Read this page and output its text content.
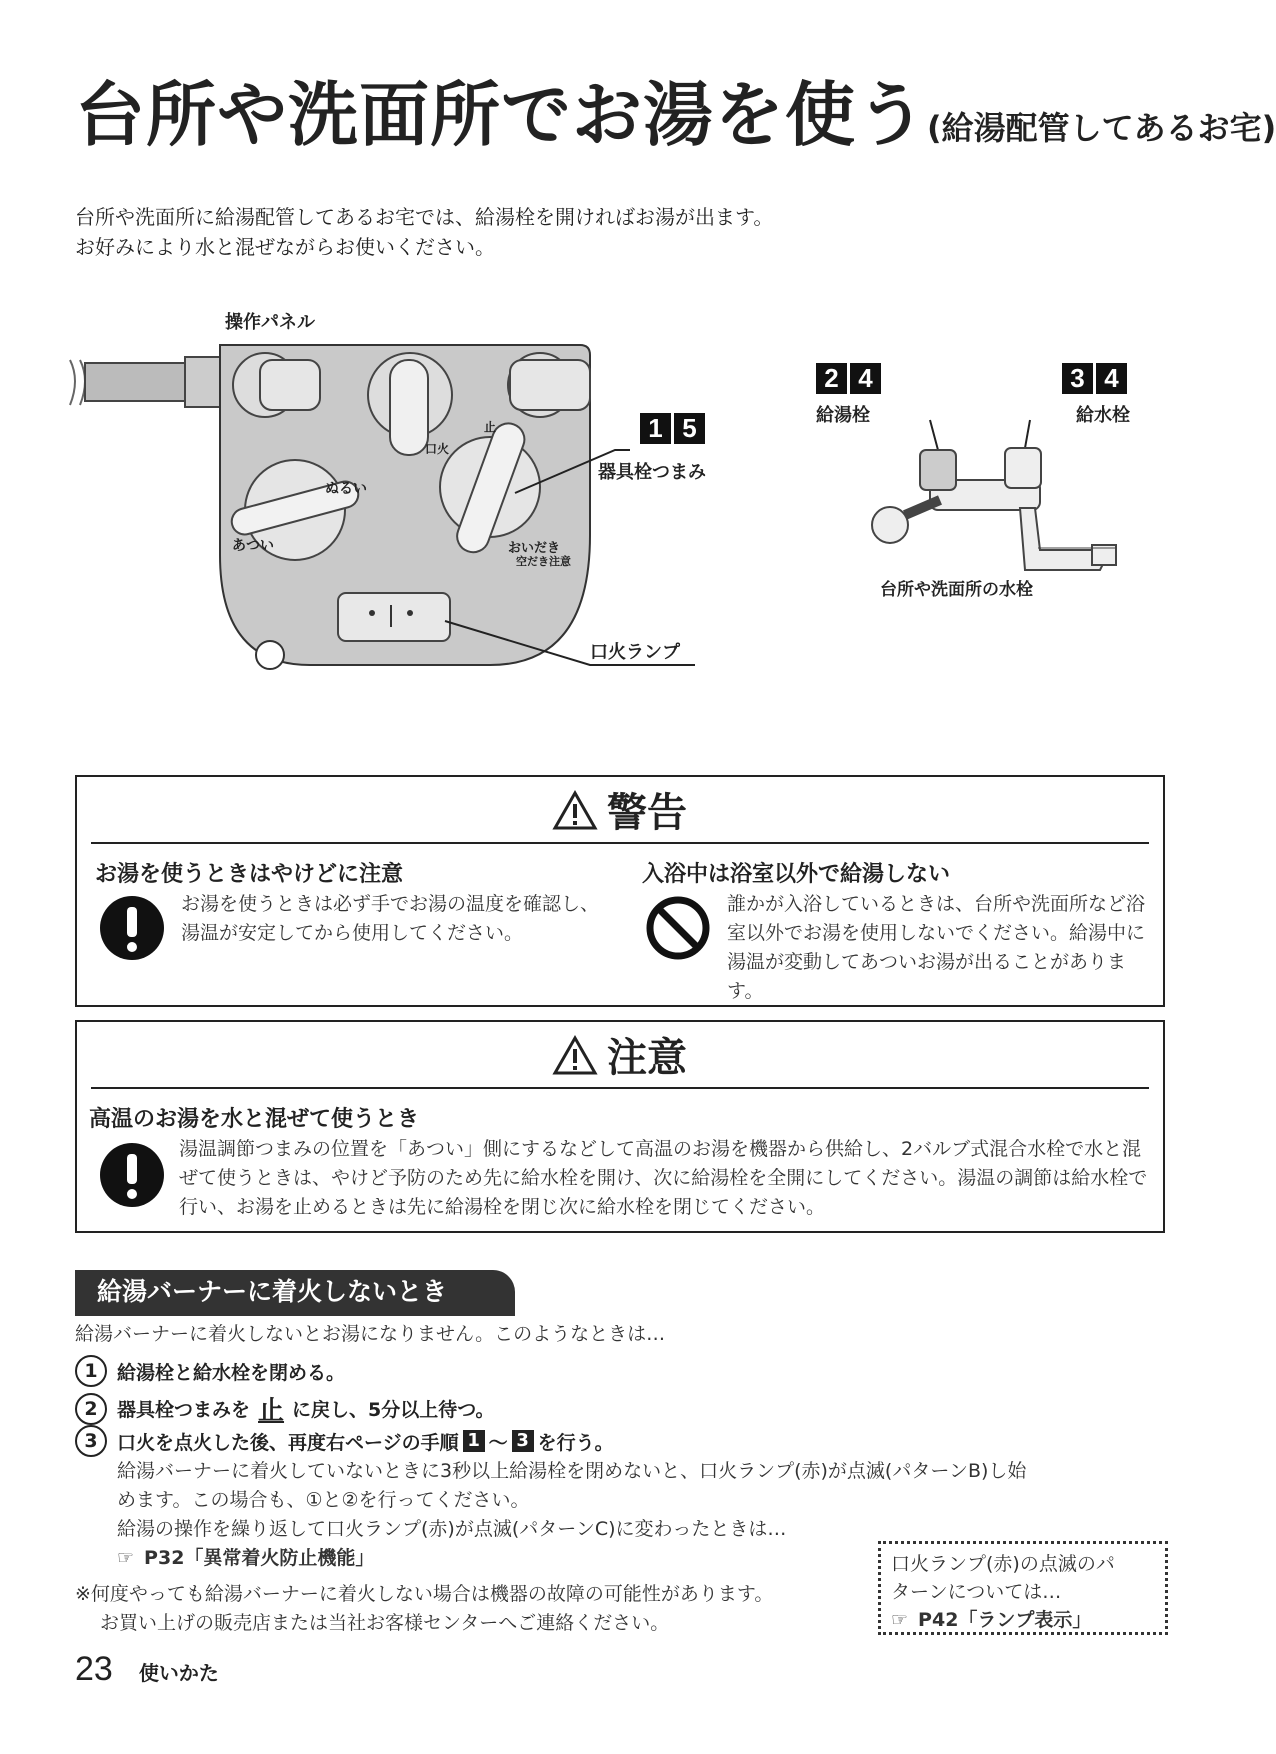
台所や洗面所でお湯を使う(給湯配管してあるお宅)
台所や洗面所に給湯配管してあるお宅では、給湯栓を開ければお湯が出ます。
お好みにより水と混ぜながらお使いください。
操作パネル
ぬるい
あつい
口火
止
おいだき
空だき注意
1 5
器具栓つまみ
口火ランプ
2 4
給湯栓
3 4
給水栓
台所や洗面所の水栓
警告
お湯を使うときはやけどに注意
お湯を使うときは必ず手でお湯の温度を確認し、湯温が安定してから使用してください。
入浴中は浴室以外で給湯しない
誰かが入浴しているときは、台所や洗面所など浴室以外でお湯を使用しないでください。給湯中に湯温が変動してあついお湯が出ることがあります。
注意
高温のお湯を水と混ぜて使うとき
湯温調節つまみの位置を「あつい」側にするなどして高温のお湯を機器から供給し、2バルブ式混合水栓で水と混ぜて使うときは、やけど予防のため先に給水栓を開け、次に給湯栓を全開にしてください。湯温の調節は給水栓で行い、お湯を止めるときは先に給湯栓を閉じ次に給水栓を閉じてください。
給湯バーナーに着火しないとき
給湯バーナーに着火しないとお湯になりません。このようなときは…
1	給湯栓と給水栓を閉める。
2	器具栓つまみを 止 に戻し、5分以上待つ。
3	口火を点火した後、再度右ページの手順 1 ～ 3 を行う。
給湯バーナーに着火していないときに3秒以上給湯栓を閉めないと、口火ランプ(赤)が点滅(パターンB)し始
めます。この場合も、①と②を行ってください。
給湯の操作を繰り返して口火ランプ(赤)が点滅(パターンC)に変わったときは…
☞ P32「異常着火防止機能」
※何度やっても給湯バーナーに着火しない場合は機器の故障の可能性があります。
お買い上げの販売店または当社お客様センターへご連絡ください。
口火ランプ(赤)の点滅のパ
ターンについては…
☞ P42「ランプ表示」
23 使いかた
